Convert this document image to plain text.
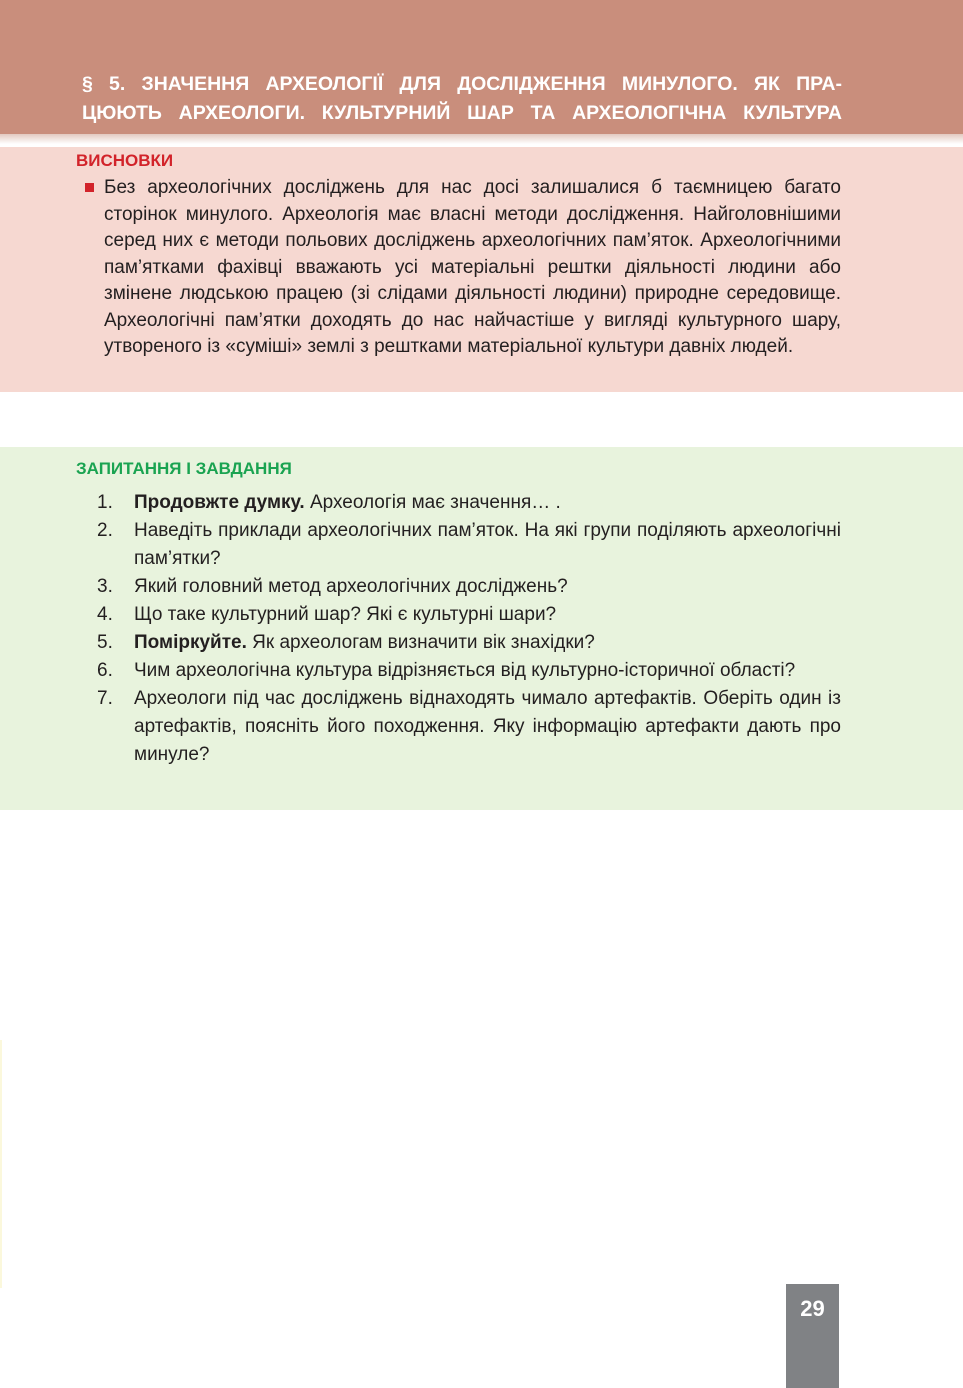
§ 5. ЗНАЧЕННЯ АРХЕОЛОГІЇ ДЛЯ ДОСЛІДЖЕННЯ МИНУЛОГО. ЯК ПРА-
ЦЮЮТЬ АРХЕОЛОГИ. КУЛЬТУРНИЙ ШАР ТА АРХЕОЛОГІЧНА КУЛЬТУРА
ВИСНОВКИ

Без археологічних досліджень для нас досі залишалися б таємницею багато сторінок минулого. Археологія має власні методи дослідження. Найголовнішими серед них є методи польових досліджень археологічних пам’яток. Археологічними пам’ятками фахівці вважають усі матеріальні рештки діяльності людини або змінене людською працею (зі слідами діяльності людини) природне середовище. Археологічні пам’ятки доходять до нас найчастіше у вигляді культурного шару, утвореного із «суміші» землі з рештками матеріальної культури давніх людей.

ЗАПИТАННЯ І ЗАВДАННЯ
1. Продовжте думку. Археологія має значення… .
2. Наведіть приклади археологічних пам’яток. На які групи поділяють археологічні пам’ятки?
3. Який головний метод археологічних досліджень?
4. Що таке культурний шар? Які є культурні шари?
5. Поміркуйте. Як археологам визначити вік знахідки?
6. Чим археологічна культура відрізняється від культурно-історичної області?
7. Археологи під час досліджень віднаходять чимало артефактів. Оберіть один із артефактів, поясніть його походження. Яку інформацію артефакти дають про минуле?
29
